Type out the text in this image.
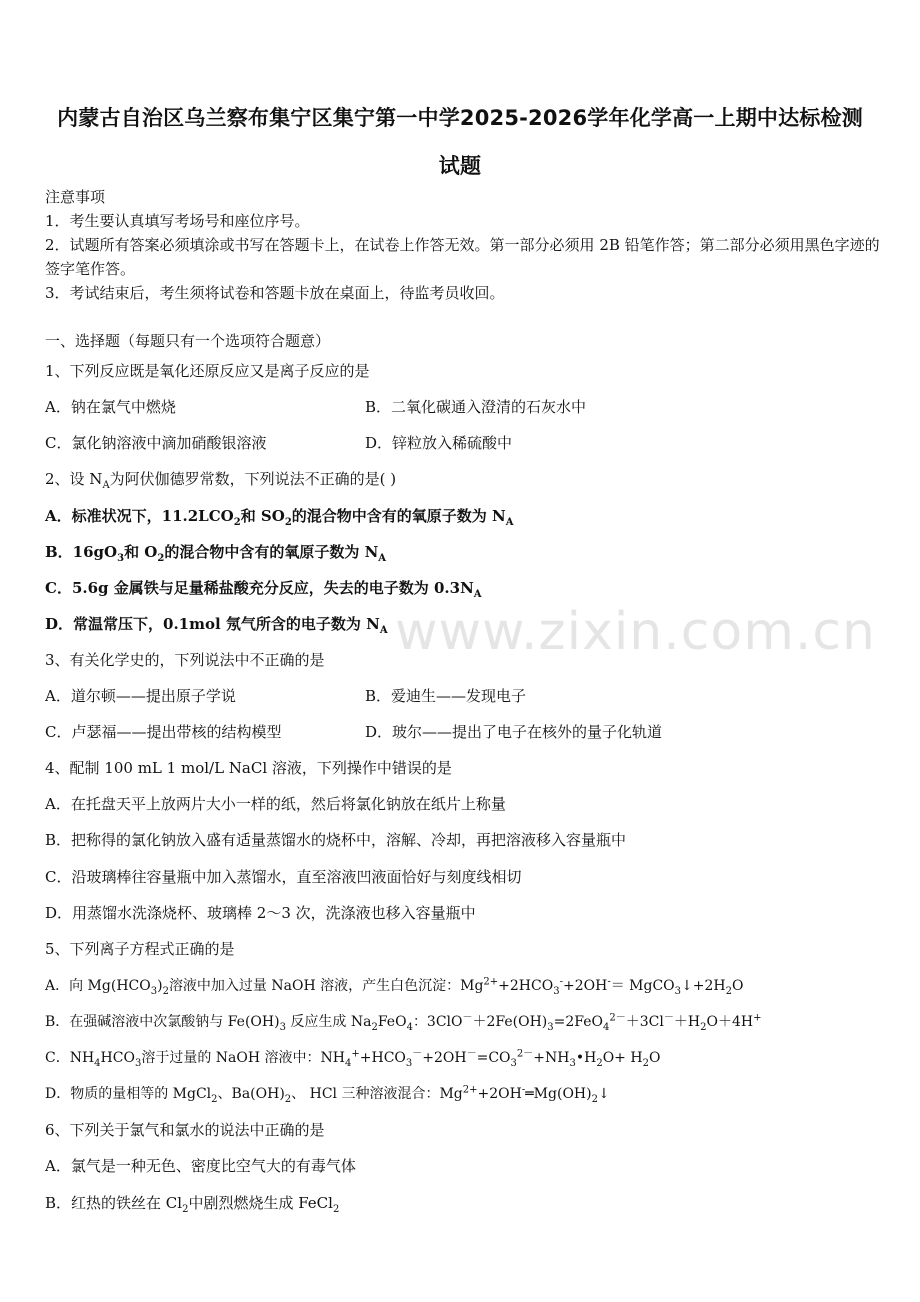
内蒙古自治区乌兰察布集宁区集宁第一中学2025-2026学年化学高一上期中达标检测
试题
注意事项
1．考生要认真填写考场号和座位序号。
2．试题所有答案必须填涂或书写在答题卡上，在试卷上作答无效。第一部分必须用 2B 铅笔作答；第二部分必须用黑色字迹的签字笔作答。
3．考试结束后，考生须将试卷和答题卡放在桌面上，待监考员收回。
一、选择题（每题只有一个选项符合题意）
1、下列反应既是氧化还原反应又是离子反应的是
A．钠在氯气中燃烧	B．二氧化碳通入澄清的石灰水中
C．氯化钠溶液中滴加硝酸银溶液	D．锌粒放入稀硫酸中
2、设 $N_A$为阿伏伽德罗常数，下列说法不正确的是( )
A．标准状况下，$11.2LCO_2$和 $SO_2$的混合物中含有的氧原子数为 $N_A$
B．$16gO_3$和 $O_2$的混合物中含有的氧原子数为 $N_A$
C．5.6g 金属铁与足量稀盐酸充分反应，失去的电子数为 $0.3N_A$
D．常温常压下，0.1mol 氖气所含的电子数为 $N_A$
3、有关化学史的，下列说法中不正确的是
A．道尔顿——提出原子学说	B．爱迪生——发现电子
C．卢瑟福——提出带核的结构模型	D．玻尔——提出了电子在核外的量子化轨道
4、配制 100 mL 1 mol/L NaCl 溶液，下列操作中错误的是
A．在托盘天平上放两片大小一样的纸，然后将氯化钠放在纸片上称量
B．把称得的氯化钠放入盛有适量蒸馏水的烧杯中，溶解、冷却，再把溶液移入容量瓶中
C．沿玻璃棒往容量瓶中加入蒸馏水，直至溶液凹液面恰好与刻度线相切
D．用蒸馏水洗涤烧杯、玻璃棒 2～3 次，洗涤液也移入容量瓶中
5、下列离子方程式正确的是
A．向 $Mg(HCO_3)_2$溶液中加入过量 NaOH 溶液，产生白色沉淀：$Mg^{2+}+2HCO_3^-+2OH^-=$ $MgCO_3↓+2H_2O$
B．在强碱溶液中次氯酸钠与 $Fe(OH)_3$ 反应生成 $Na_2FeO_4$：$3ClO^-+2Fe(OH)_3=2FeO_4^{2-}+3Cl^-+H_2O+4H^+$
C．$NH_4HCO_3$溶于过量的 NaOH 溶液中：$NH_4^++HCO_3^-+2OH^-=CO_3^{2-}+NH_3•H_2O+ H_2O$
D．物质的量相等的 MgCl$_2$、$Ba(OH)_2$、 HCl 三种溶液混合：$Mg^{2+}+2OH^-═Mg(OH)_2↓$
6、下列关于氯气和氯水的说法中正确的是
A．氯气是一种无色、密度比空气大的有毒气体
B．红热的铁丝在 $Cl_2$中剧烈燃烧生成 FeCl$_2$
www.zixin.com.cn
